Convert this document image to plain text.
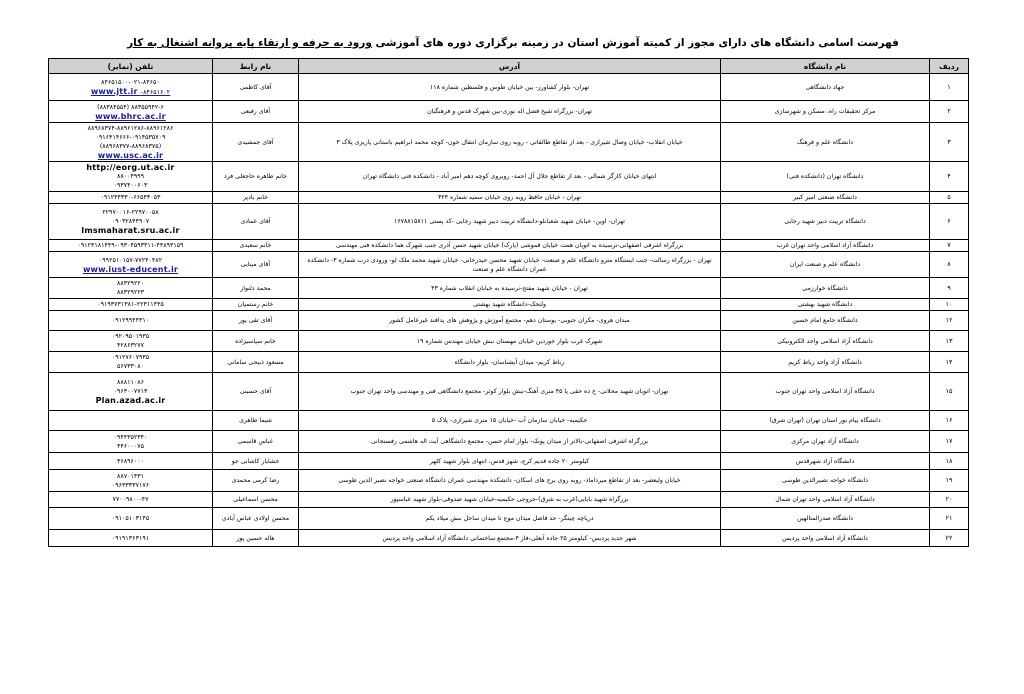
فهرست اسامی دانشگاه های دارای مجوز از کمیته آموزش استان در زمینه برگزاری دوره های آموزشی ورود به حرفه و ارتقاء پایه پروانه اشتغال به کار
ردیف	نام دانشگاه	آدرس	نام رابط	تلفن (نمابر)
۱	جهاد دانشگاهی	تهران- بلوار کشاورز- بین خیابان طوس و فلسطین شماره ۱۱۸	آقای کاظمی	۸۴۶۵۱۵۰۰-۰۲۱-۸۴۶۵۰
www.jtt.ir -۸۴۶۵۱۶۰۲

۲	مرکز تحقیقات راه، مسکن و شهرسازی	تهران- بزرگراه شیخ فضل اله نوری-بین شهرک قدس و فرهنگیان	آقای رفیعی	۸۸۳۵۵۹۴۲-۶ (۸۸۳۸۴۵۵۴)
www.bhrc.ac.ir

۳	دانشگاه علم و فرهنگ	خیابان انقلاب- خیابان وصال شیرازی - بعد از تقاطع طالقانی - روبه روی سازمان انتقال خون- کوچه محمد ابراهیم باستانی پاریزی پلاک ۳	آقای جمشیدی	۸۸۹۶۸۳۷۴-۸۸۹۶۱۲۸۶-۸۸۹۶۱۲۸۶
۰۹۱۶۴۱۴۶۶۶-۰۹۱۴۵۳۵۷۰۹
(۸۸۹۶۸۳۷۷-۸۸۹۶۸۳۷۵)
www.usc.ac.ir

۴	دانشگاه تهران (دانشکده فنی)	انتهای خیابان کارگر شمالی - بعد از تقاطع جلال آل احمد- روبروی کوچه دهم امیر آباد - دانشکده فنی دانشگاه تهران	خانم طاهره حاجعلی فرد	http://eorg.ut.ac.ir
۸۸۰۰۴۹۹۹
۰۹۳۷۴۰۰۶۰۳

۵	دانشگاه صنعتی امیر کبیر	تهران - خیابان حافظ روبه روی خیابان سمیه شماره ۴۲۴	خانم بادپر	۰۹۱۲۴۴۳۳۰-۶۶۵۴۳۰۵۳

۶	دانشگاه تربیت دبیر شهید رجایی	تهران- اوین- خیابان شهید شعبانلو-دانشگاه تربیت دبیر شهید رجایی -کد پستی ۱۶۷۸۸۱۵۸۱۱	آقای عمادی	۲۲۹۷۰۰۱۶-۲۲۹۷۰۰۵۸
۰۹۰۳۲۸۴۴۹۰۷
lmsmaharat.sru.ac.ir

۷	دانشگاه آزاد اسلامی واحد تهران غرب	بزرگراه اشرفی اصفهانی-نرسیده به اتوبان همت خیابان قموشی (پارک) خیابان شهید حسن آذری جنب شهرک هما دانشکده فنی مهندسی	خانم سعیدی	۰۹۱۲۴۱۸۱۴۴۹-۰۹۳۰۴۵۹۳۳۱۱-۴۴۸۹۳۱۵۹

۸	دانشگاه علم و صنعت ایران	تهران - بزرگراه رسالت- جنب ایستگاه مترو دانشگاه علم و صنعت- خیابان شهید محسن حیدرخانی- خیابان شهید محمد ملک لو- ورودی درب شماره ۳- دانشکده عمران دانشگاه علم و صنعت	آقای مینایی	۰۹۹۲۵۱۰۱۵۷-۷۷۲۴۰۴۸۲
www.iust-educent.ir

۹	دانشگاه خوارزمی	تهران - خیابان شهید مفتح-نرسیده به خیابان انقلاب شماره ۴۳	محمد دلنواز	۸۸۳۲۹۲۲۰
۸۸۳۲۹۲۲۳

۱۰	دانشگاه شهید بهشتی	ولنجک-دانشگاه شهید بهشتی	خانم رستمیان	۰۹۱۹۳۷۳۱۳۸۱-۲۲۳۱۱۴۴۵

۱۲	دانشگاه جامع امام حسین	میدان هروی- مکران جنوبی- بوستان دهم- مجتمع آموزش و پژوهش های پدافند غیرعامل کشور	آقای تقی پور	۰۹۱۲۹۹۴۴۳۱۰

۱۳	دانشگاه آزاد اسلامی واحد الکترونیکی	شهرک غرب بلوار خوردین خیابان مهستان نبش خیابان مهندس شماره ۱۹	خانم سپاسیزاده	۰۹۲۰۹۵۰۱۹۳۵
۴۲۸۶۳۲۷۷

۱۴	دانشگاه آزاد واحد رباط کریم	رباط کریم- میدان آبشناسان- بلوار دانشگاه	مسعود ذبیحی سامانی	۰۹۱۲۷۶۰۷۹۳۵
۵۶۷۳۳۰۸۰

۱۵	دانشگاه آزاد اسلامی واحد تهران جنوب	تهران- اتوبان شهید محلاتی- خ ده حقی پا ۴۵ متری آهنگ-نبش بلوار کوثر- مجتمع دانشگاهی فنی و مهندسی واحد تهران جنوب	آقای حسینی	۸۸۸۱۱۰۸۶
۰۹۶۳۰۰۷۷۱۳
Plan.azad.ac.ir

۱۶	دانشگاه پیام نور استان تهران (تهران شرق)	حکیمیه- خیابان سازمان آب -خیابان ۱۵ متری شیرازی- پلاک ۵	شیما طاهری	
۱۷	دانشگاه آزاد تهران مرکزی	بزرگراه اشرفی اصفهانی-بالاتر از میدان پونک- بلوار امام حسن- مجتمع دانشگاهی آیت اله هاشمی رفسنجانی	عباس قاسمی	۰۹۴۴۳۵۲۳۴۰
۴۴۶۰۰۰۷۵

۱۸	دانشگاه آزاد شهرقدس	کیلومتر ۲۰ جاده قدیم کرج، شهر قدس، انتهای بلوار شهید کلهر	خشایار کاشانی جو	۴۶۸۹۶۰۰۰

۱۹	دانشگاه خواجه نصیرالدین طوسی	خیابان ولیعصر- بعد از تقاطع میرداماد- روبه روی برج های اسکان- دانشکده مهندسی عمران دانشگاه صنعتی خواجه نصیر الدین طوسی	رضا کرمی محمدی	۸۸۷۰۱۴۳۱
۰۹۶۳۳۳۳۷۱۷۶

۲۰	دانشگاه آزاد اسلامی واحد تهران شمال	بزرگراه شهید بابایی(غرب به شرق)-خروجی حکیمیه-خیابان شهید صدوقی-بلوار شهید عباسپور	محسن اسماعیلی	۷۷۰۰۹۸۰۰-۴۷

۲۱	دانشگاه صدرالمتالهین	دریاچه چیتگر- حد فاصل میدان موج تا میدان ساحل نبش میلاد یکم	محسن اولادی عباس آبادی	۰۹۱۰۵۱۰۳۱۴۵

۲۲	دانشگاه آزاد اسلامی واحد پردیس	شهر جدید پردیس- کیلومتر ۲۵ جاده آبعلی-فاز ۴-مجتمع ساختمانی دانشگاه آزاد اسلامی واحد پردیس	هاله حسین پور	۰۹۱۹۱۳۶۳۱۹۱
